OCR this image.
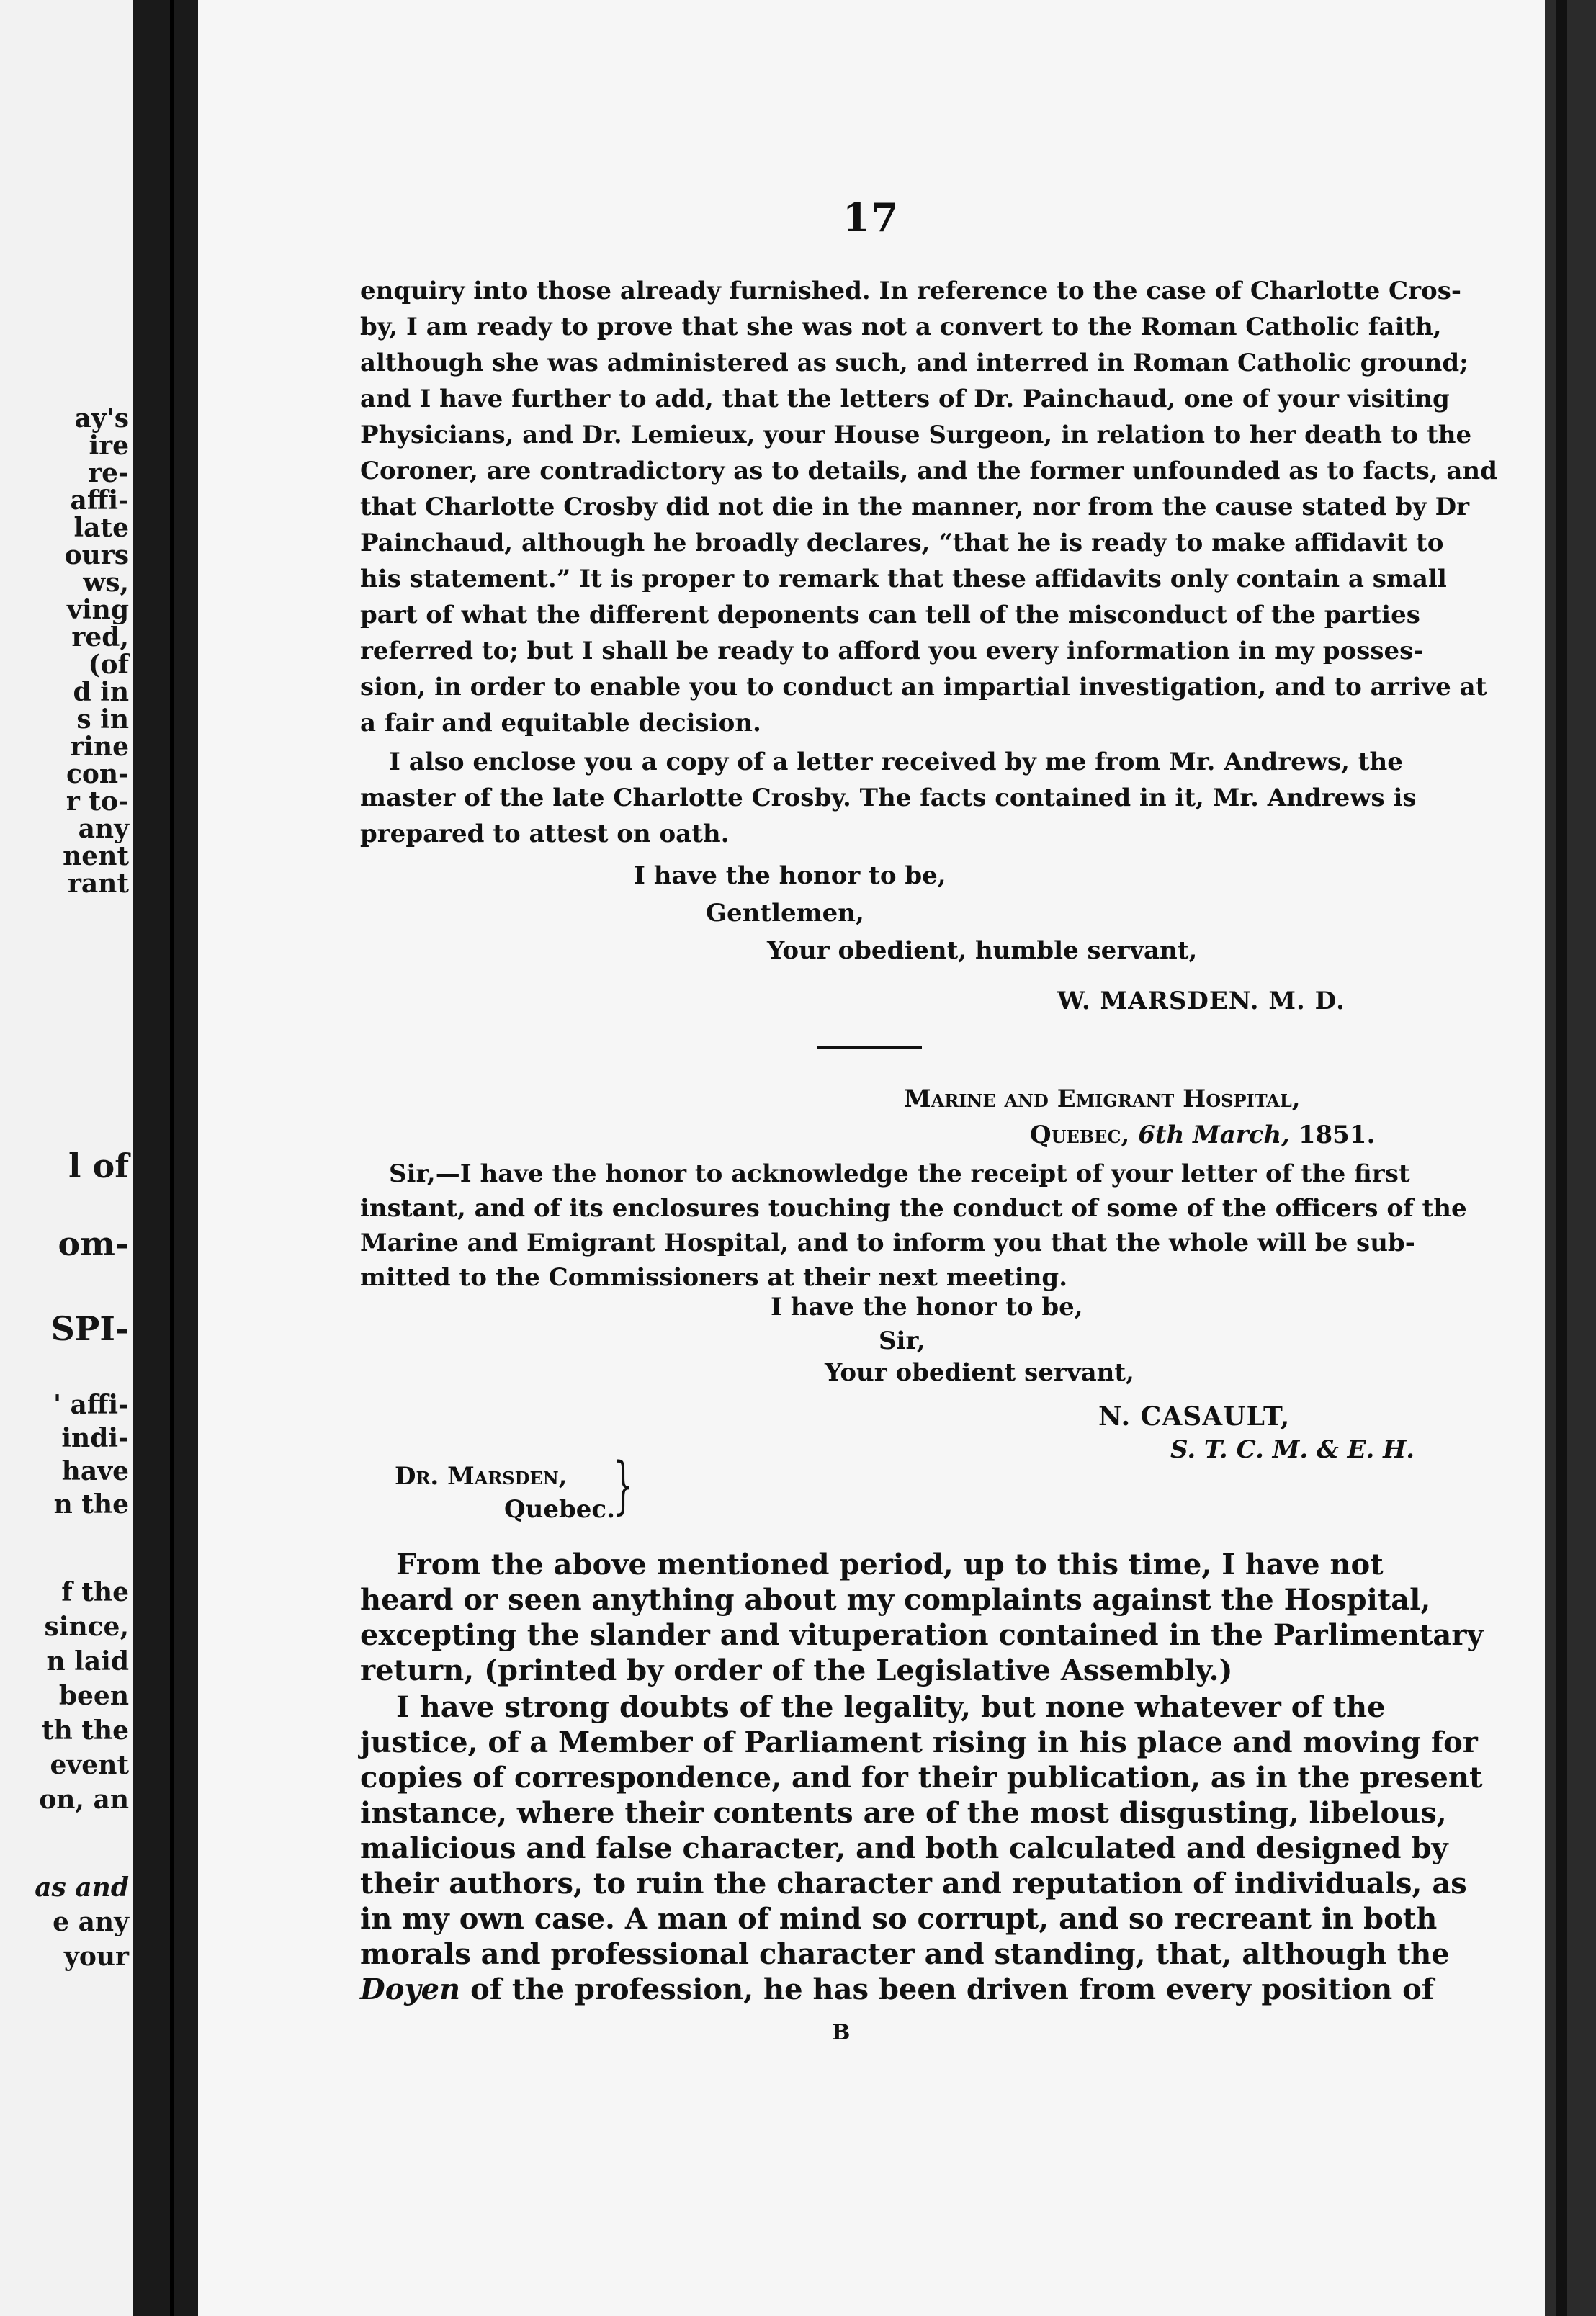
ay's
ire
re-
affi-
late
ours
ws,
ving
red,
(of
d in
s in
rine
con-
r to-
any
nent
rant
l of
om-
SPI-
' affi-
indi-
have
n the
f the
since,
n laid
been
th the
event
on, an
as and
e any
your
17
enquiry into those already furnished. In reference to the case of Charlotte Cros-
by, I am ready to prove that she was not a convert to the Roman Catholic faith,
although she was administered as such, and interred in Roman Catholic ground;
and I have further to add, that the letters of Dr. Painchaud, one of your visiting
Physicians, and Dr. Lemieux, your House Surgeon, in relation to her death to the
Coroner, are contradictory as to details, and the former unfounded as to facts, and
that Charlotte Crosby did not die in the manner, nor from the cause stated by Dr
Painchaud, although he broadly declares, “that he is ready to make affidavit to
his statement.” It is proper to remark that these affidavits only contain a small
part of what the different deponents can tell of the misconduct of the parties
referred to; but I shall be ready to afford you every information in my posses-
sion, in order to enable you to conduct an impartial investigation, and to arrive at
a fair and equitable decision.
I also enclose you a copy of a letter received by me from Mr. Andrews, the
master of the late Charlotte Crosby. The facts contained in it, Mr. Andrews is
prepared to attest on oath.
I have the honor to be,
Gentlemen,
Your obedient, humble servant,
W. MARSDEN. M. D.
Marine and Emigrant Hospital,
Quebec, 6th March, 1851.
Sir,—I have the honor to acknowledge the receipt of your letter of the first
instant, and of its enclosures touching the conduct of some of the officers of the
Marine and Emigrant Hospital, and to inform you that the whole will be sub-
mitted to the Commissioners at their next meeting.
I have the honor to be,
Sir,
Your obedient servant,
N. CASAULT,
S. T. C. M. & E. H.
Dr. Marsden,
Quebec.
}
From the above mentioned period, up to this time, I have not
heard or seen anything about my complaints against the Hospital,
excepting the slander and vituperation contained in the Parlimentary
return, (printed by order of the Legislative Assembly.)
I have strong doubts of the legality, but none whatever of the
justice, of a Member of Parliament rising in his place and moving for
copies of correspondence, and for their publication, as in the present
instance, where their contents are of the most disgusting, libelous,
malicious and false character, and both calculated and designed by
their authors, to ruin the character and reputation of individuals, as
in my own case. A man of mind so corrupt, and so recreant in both
morals and professional character and standing, that, although the
Doyen of the profession, he has been driven from every position of
B
